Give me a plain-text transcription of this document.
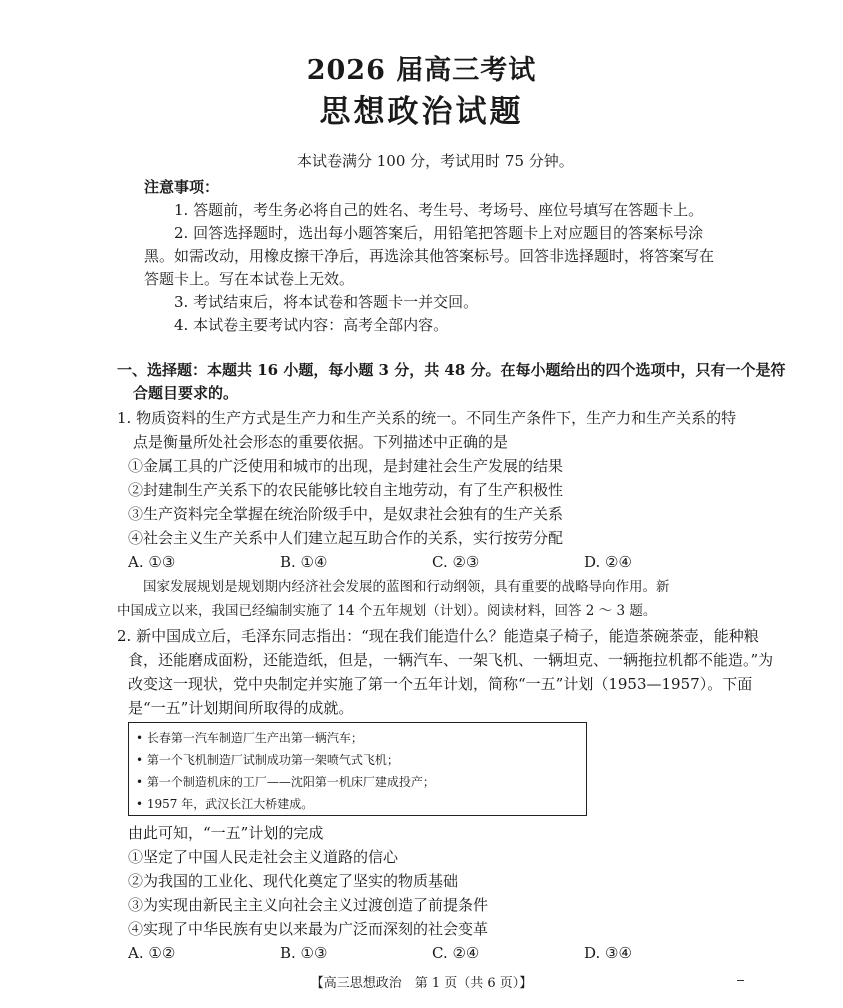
2026 届高三考试
思想政治试题
本试卷满分 100 分，考试用时 75 分钟。
注意事项：
1. 答题前，考生务必将自己的姓名、考生号、考场号、座位号填写在答题卡上。
2. 回答选择题时，选出每小题答案后，用铅笔把答题卡上对应题目的答案标号涂
黑。如需改动，用橡皮擦干净后，再选涂其他答案标号。回答非选择题时，将答案写在
答题卡上。写在本试卷上无效。
3. 考试结束后，将本试卷和答题卡一并交回。
4. 本试卷主要考试内容：高考全部内容。
一、选择题：本题共 16 小题，每小题 3 分，共 48 分。在每小题给出的四个选项中，只有一个是符
合题目要求的。
1. 物质资料的生产方式是生产力和生产关系的统一。不同生产条件下，生产力和生产关系的特
点是衡量所处社会形态的重要依据。下列描述中正确的是
①金属工具的广泛使用和城市的出现，是封建社会生产发展的结果
②封建制生产关系下的农民能够比较自主地劳动，有了生产积极性
③生产资料完全掌握在统治阶级手中，是奴隶社会独有的生产关系
④社会主义生产关系中人们建立起互助合作的关系，实行按劳分配
A. ①③	B. ①④	C. ②③	D. ②④
国家发展规划是规划期内经济社会发展的蓝图和行动纲领，具有重要的战略导向作用。新
中国成立以来，我国已经编制实施了 14 个五年规划（计划）。阅读材料，回答 2 ～ 3 题。
2. 新中国成立后，毛泽东同志指出：“现在我们能造什么？能造桌子椅子，能造茶碗茶壶，能种粮
食，还能磨成面粉，还能造纸，但是，一辆汽车、一架飞机、一辆坦克、一辆拖拉机都不能造。”为
改变这一现状，党中央制定并实施了第一个五年计划，简称“一五”计划（1953—1957）。下面
是“一五”计划期间所取得的成就。
• 长春第一汽车制造厂生产出第一辆汽车；
• 第一个飞机制造厂试制成功第一架喷气式飞机；
• 第一个制造机床的工厂——沈阳第一机床厂建成投产；
• 1957 年，武汉长江大桥建成。
由此可知，“一五”计划的完成
①坚定了中国人民走社会主义道路的信心
②为我国的工业化、现代化奠定了坚实的物质基础
③为实现由新民主主义向社会主义过渡创造了前提条件
④实现了中华民族有史以来最为广泛而深刻的社会变革
A. ①②	B. ①③	C. ②④	D. ③④
【高三思想政治　第 1 页（共 6 页）】
